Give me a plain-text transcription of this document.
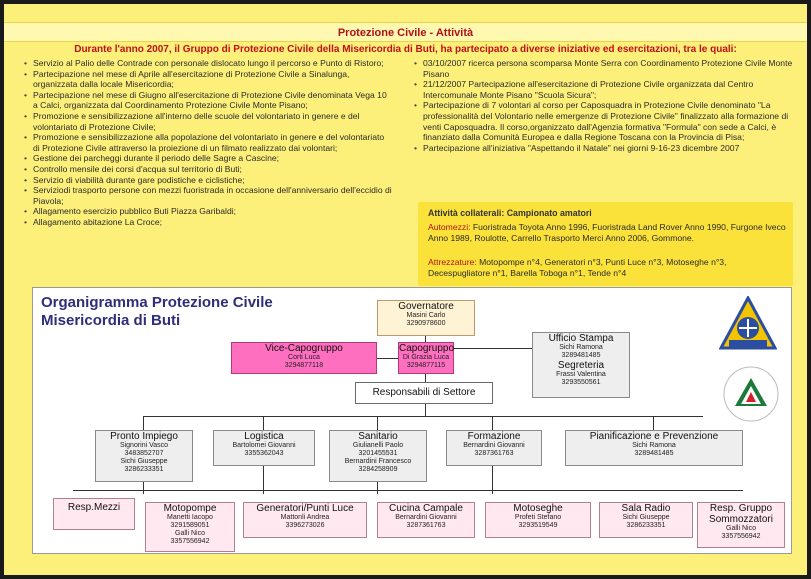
Protezione Civile - Attività
Durante l'anno 2007, il Gruppo di Protezione Civile della Misericordia di Buti, ha partecipato a diverse iniziative ed esercitazioni, tra le quali:
• Servizio al Palio delle Contrade con personale dislocato lungo il percorso e Punto di Ristoro;
• Partecipazione nel mese di Aprile all'esercitazione di Protezione Civile a Sinalunga, organizzata dalla locale Misericordia;
• Partecipazione nel mese di Giugno all'esercitazione di Protezione Civile denominata Vega 10 a Calci, organizzata dal Coordinamento Protezione Civile Monte Pisano;
• Promozione e sensibilizzazione all'interno delle scuole del volontariato in genere e del volontariato di Protezione Civile;
• Promozione e sensibilizzazione alla popolazione del volontariato in genere e del volontariato di Protezione Civile attraverso la proiezione di un filmato realizzato dai volontari;
• Gestione dei parcheggi durante il periodo delle Sagre a Cascine;
• Controllo mensile dei corsi d'acqua sul territorio di Buti;
• Servizio di viabilità durante gare podistiche e ciclistiche;
• Serviziodi trasporto persone con mezzi fuoristrada in occasione dell'anniversario dell'eccidio di Piavola;
• Allagamento esercizio pubblico Buti Piazza Garibaldi;
• Allagamento abitazione La Croce;
• 03/10/2007 ricerca persona scomparsa Monte Serra con Coordinamento Protezione Civile Monte Pisano
• 21/12/2007 Partecipazione all'esercitazione di Protezione Civile organizzata dal Centro Intercomunale Monte Pisano "Scuola Sicura";
• Partecipazione di 7 volontari al corso per Caposquadra in Protezione Civile denominato "La professionalità del Volontario nelle emergenze di Protezione Civile" finalizzato alla formazione di venti Caposquadra. Il corso,organizzato dall'Agenzia formativa "Formula" con sede a Calci, è finanziato dalla Comunità Europea e dalla Regione Toscana con la Provincia di Pisa;
• Partecipazione all'iniziativa "Aspettando il Natale" nei giorni 9-16-23 dicembre 2007
Attività collaterali: Campionato amatori
Automezzi: Fuoristrada Toyota Anno 1996, Fuoristrada Land Rover Anno 1990, Furgone Iveco Anno 1989, Roulotte, Carrello Trasporto Merci Anno 2006, Gommone.
Attrezzature: Motopompe n°4, Generatori n°3, Punti Luce n°3, Motoseghe n°3, Decespugliatore n°1, Barella Toboga n°1, Tende n°4
Organigramma Protezione Civile
Misericordia di Buti
Governatore
Masini Carlo
3290978600
Vice-Capogruppo
Corti Luca
3294877118
Capogruppo
Di Grazia Luca
3294877115
Ufficio Stampa
Sichi Ramona
3289481485
Segreteria
Frassi Valentina
3293550561
Responsabili di Settore
Pronto Impiego
Signorini Vasco
3483852707
Sichi Giuseppe
3286233351
Logistica
Bartolomei Giovanni
3355362043
Sanitario
Giulianelli Paolo
3201455531
Bernardini Francesco
3284258909
Formazione
Bernardini Giovanni
3287361763
Pianificazione e Prevenzione
Sichi Ramona
3289481485
Resp.Mezzi	Motopompe
Manetti Iacopo
3291589051
Galli Nico
3357556942
Generatori/Punti Luce
Mattonli Andrea
3396273026
Cucina Campale
Bernardini Giovanni
3287361763
Motoseghe
Profeti Stefano
3293519549
Sala Radio
Sichi Giuseppe
3286233351
Resp. Gruppo Sommozzatori
Galli Nico
3357556942
